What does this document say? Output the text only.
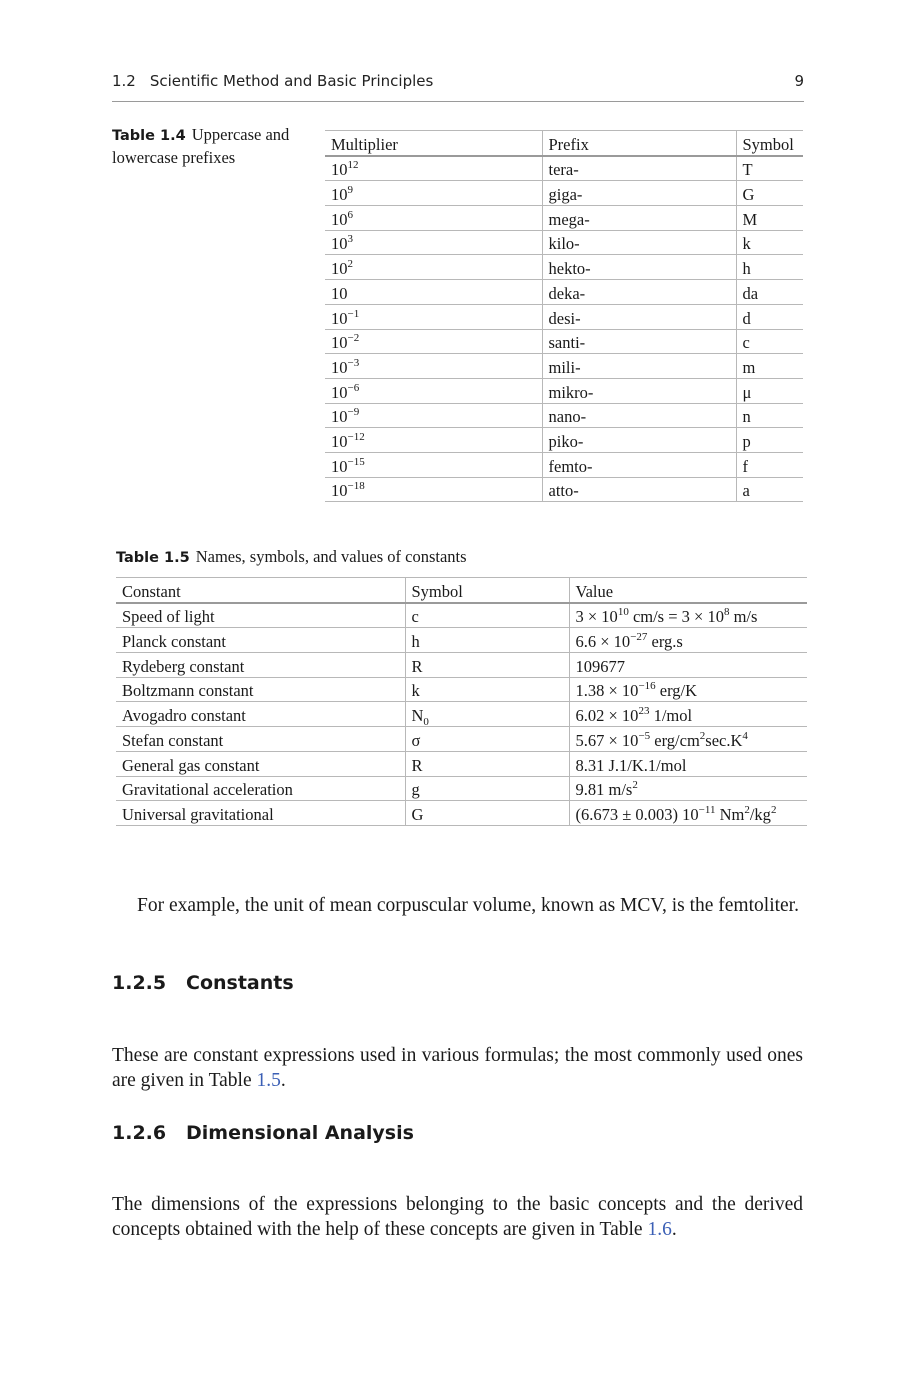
1.2 Scientific Method and Basic Principles	9
Table 1.4 Uppercase and lowercase prefixes
Multiplier	Prefix	Symbol
$10^{12}$	tera-	T
$10^9$	giga-	G
$10^6$	mega-	M
$10^3$	kilo-	k
$10^2$	hekto-	h
10	deka-	da
$10^{-1}$	desi-	d
$10^{-2}$	santi-	c
$10^{-3}$	mili-	m
$10^{-6}$	mikro-	μ
$10^{-9}$	nano-	n
$10^{-12}$	piko-	p
$10^{-15}$	femto-	f
$10^{-18}$	atto-	a
Table 1.5 Names, symbols, and values of constants
Constant	Symbol	Value
Speed of light	c	$3 \times 10^{10}$ $cm/s = 3 \times 10^8$ m/s
Planck constant	h	$6.6 \times 10^{-27}$ erg.s
Rydeberg constant	R	109677
Boltzmann constant	k	$1.38 \times 10^{-16}$ erg/K
Avogadro constant	$N_0$	$6.02 \times 10^{23}$ 1/mol
Stefan constant	σ	$5.67 \times 10^{-5}$ erg/$cm^2\sec.K^4$
General gas constant	R	8.31 J.1/K.1/mol
Gravitational acceleration	g	9.81 $m/s^2$
Universal gravitational	G	(6.673 ± 0.003) $10^{-11}$ $Nm^2/kg^2$

For example, the unit of mean corpuscular volume, known as MCV, is the femtoliter.

1.2.5 Constants

These are constant expressions used in various formulas; the most commonly used ones are given in Table 1.5.

1.2.6 Dimensional Analysis

The dimensions of the expressions belonging to the basic concepts and the derived concepts obtained with the help of these concepts are given in Table 1.6.
